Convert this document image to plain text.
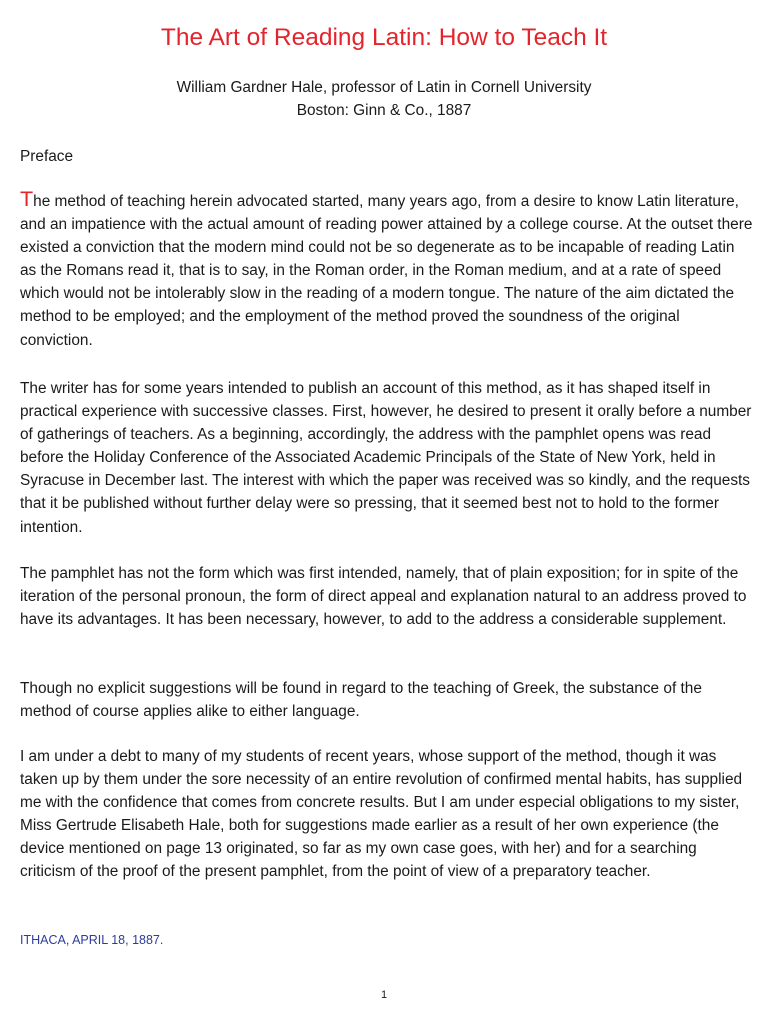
The Art of Reading Latin: How to Teach It

William Gardner Hale, professor of Latin in Cornell University

Boston: Ginn & Co., 1887

Preface

The method of teaching herein advocated started, many years ago, from a desire to know Latin literature, and an impatience with the actual amount of reading power attained by a college course. At the outset there existed a conviction that the modern mind could not be so degenerate as to be incapable of reading Latin as the Romans read it, that is to say, in the Roman order, in the Roman medium, and at a rate of speed which would not be intolerably slow in the reading of a modern tongue. The nature of the aim dictated the method to be employed; and the employment of the method proved the soundness of the original conviction.

The writer has for some years intended to publish an account of this method, as it has shaped itself in practical experience with successive classes. First, however, he desired to present it orally before a number of gatherings of teachers. As a beginning, accordingly, the address with the pamphlet opens was read before the Holiday Conference of the Associated Academic Principals of the State of New York, held in Syracuse in December last. The interest with which the paper was received was so kindly, and the requests that it be published without further delay were so pressing, that it seemed best not to hold to the former intention.

The pamphlet has not the form which was first intended, namely, that of plain exposition; for in spite of the iteration of the personal pronoun, the form of direct appeal and explanation natural to an address proved to have its advantages. It has been necessary, however, to add to the address a considerable supplement.

Though no explicit suggestions will be found in regard to the teaching of Greek, the substance of the method of course applies alike to either language.

I am under a debt to many of my students of recent years, whose support of the method, though it was taken up by them under the sore necessity of an entire revolution of confirmed mental habits, has supplied me with the confidence that comes from concrete results. But I am under especial obligations to my sister, Miss Gertrude Elisabeth Hale, both for suggestions made earlier as a result of her own experience (the device mentioned on page 13 originated, so far as my own case goes, with her) and for a searching criticism of the proof of the present pamphlet, from the point of view of a preparatory teacher.

ITHACA, APRIL 18, 1887.

1
